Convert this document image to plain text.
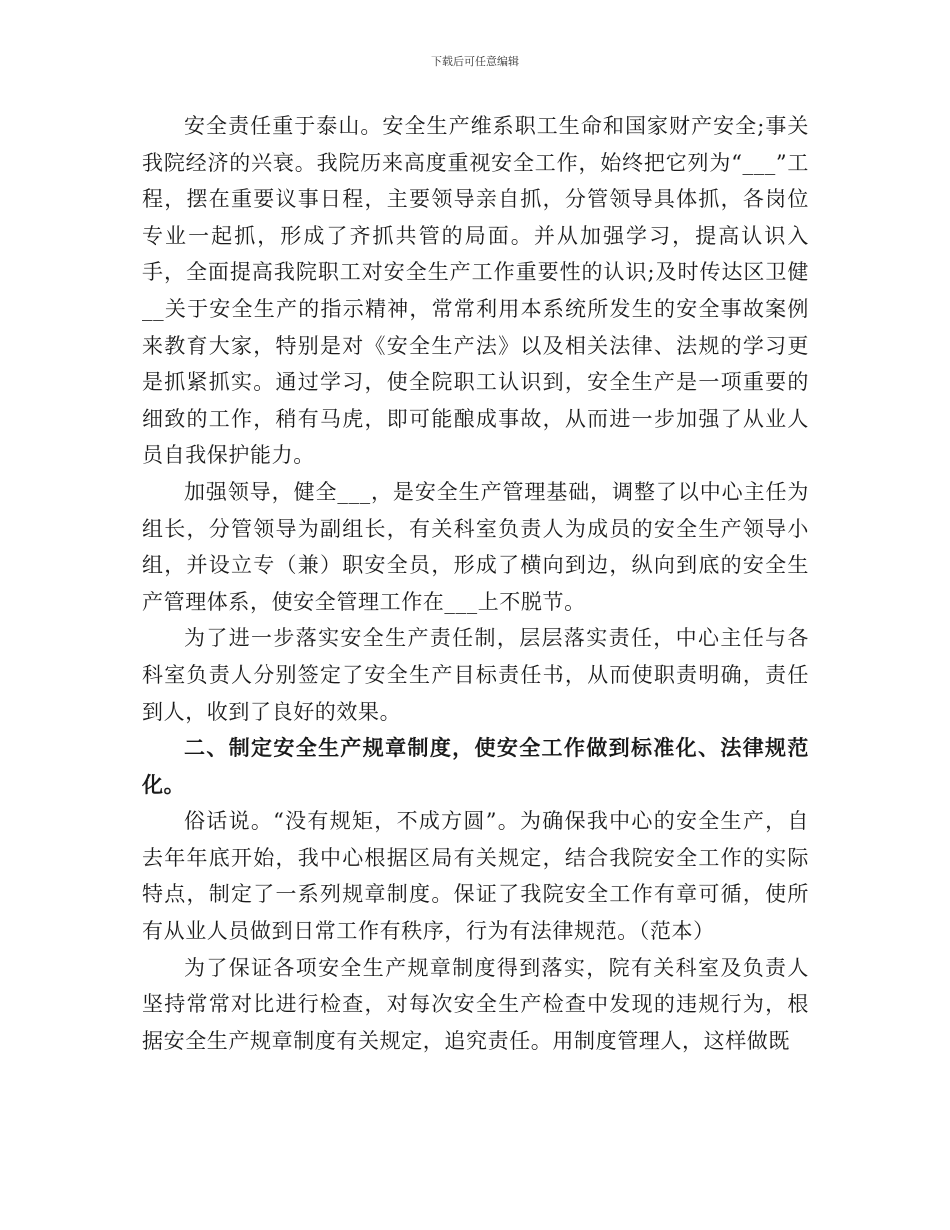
下载后可任意编辑

安全责任重于泰山。安全生产维系职工生命和国家财产安全;事关我院经济的兴衰。我院历来高度重视安全工作，始终把它列为“___”工程，摆在重要议事日程，主要领导亲自抓，分管领导具体抓，各岗位专业一起抓，形成了齐抓共管的局面。并从加强学习，提高认识入手，全面提高我院职工对安全生产工作重要性的认识;及时传达区卫健__关于安全生产的指示精神，常常利用本系统所发生的安全事故案例来教育大家，特别是对《安全生产法》以及相关法律、法规的学习更是抓紧抓实。通过学习，使全院职工认识到，安全生产是一项重要的细致的工作，稍有马虎，即可能酿成事故，从而进一步加强了从业人员自我保护能力。

加强领导，健全___，是安全生产管理基础，调整了以中心主任为组长，分管领导为副组长，有关科室负责人为成员的安全生产领导小组，并设立专（兼）职安全员，形成了横向到边，纵向到底的安全生产管理体系，使安全管理工作在___上不脱节。

为了进一步落实安全生产责任制，层层落实责任，中心主任与各科室负责人分别签定了安全生产目标责任书，从而使职责明确，责任到人，收到了良好的效果。

二、制定安全生产规章制度，使安全工作做到标准化、法律规范化。

俗话说。“没有规矩，不成方圆”。为确保我中心的安全生产，自去年年底开始，我中心根据区局有关规定，结合我院安全工作的实际特点，制定了一系列规章制度。保证了我院安全工作有章可循，使所有从业人员做到日常工作有秩序，行为有法律规范。（范本）

为了保证各项安全生产规章制度得到落实，院有关科室及负责人坚持常常对比进行检查，对每次安全生产检查中发现的违规行为，根据安全生产规章制度有关规定，追究责任。用制度管理人，这样做既
